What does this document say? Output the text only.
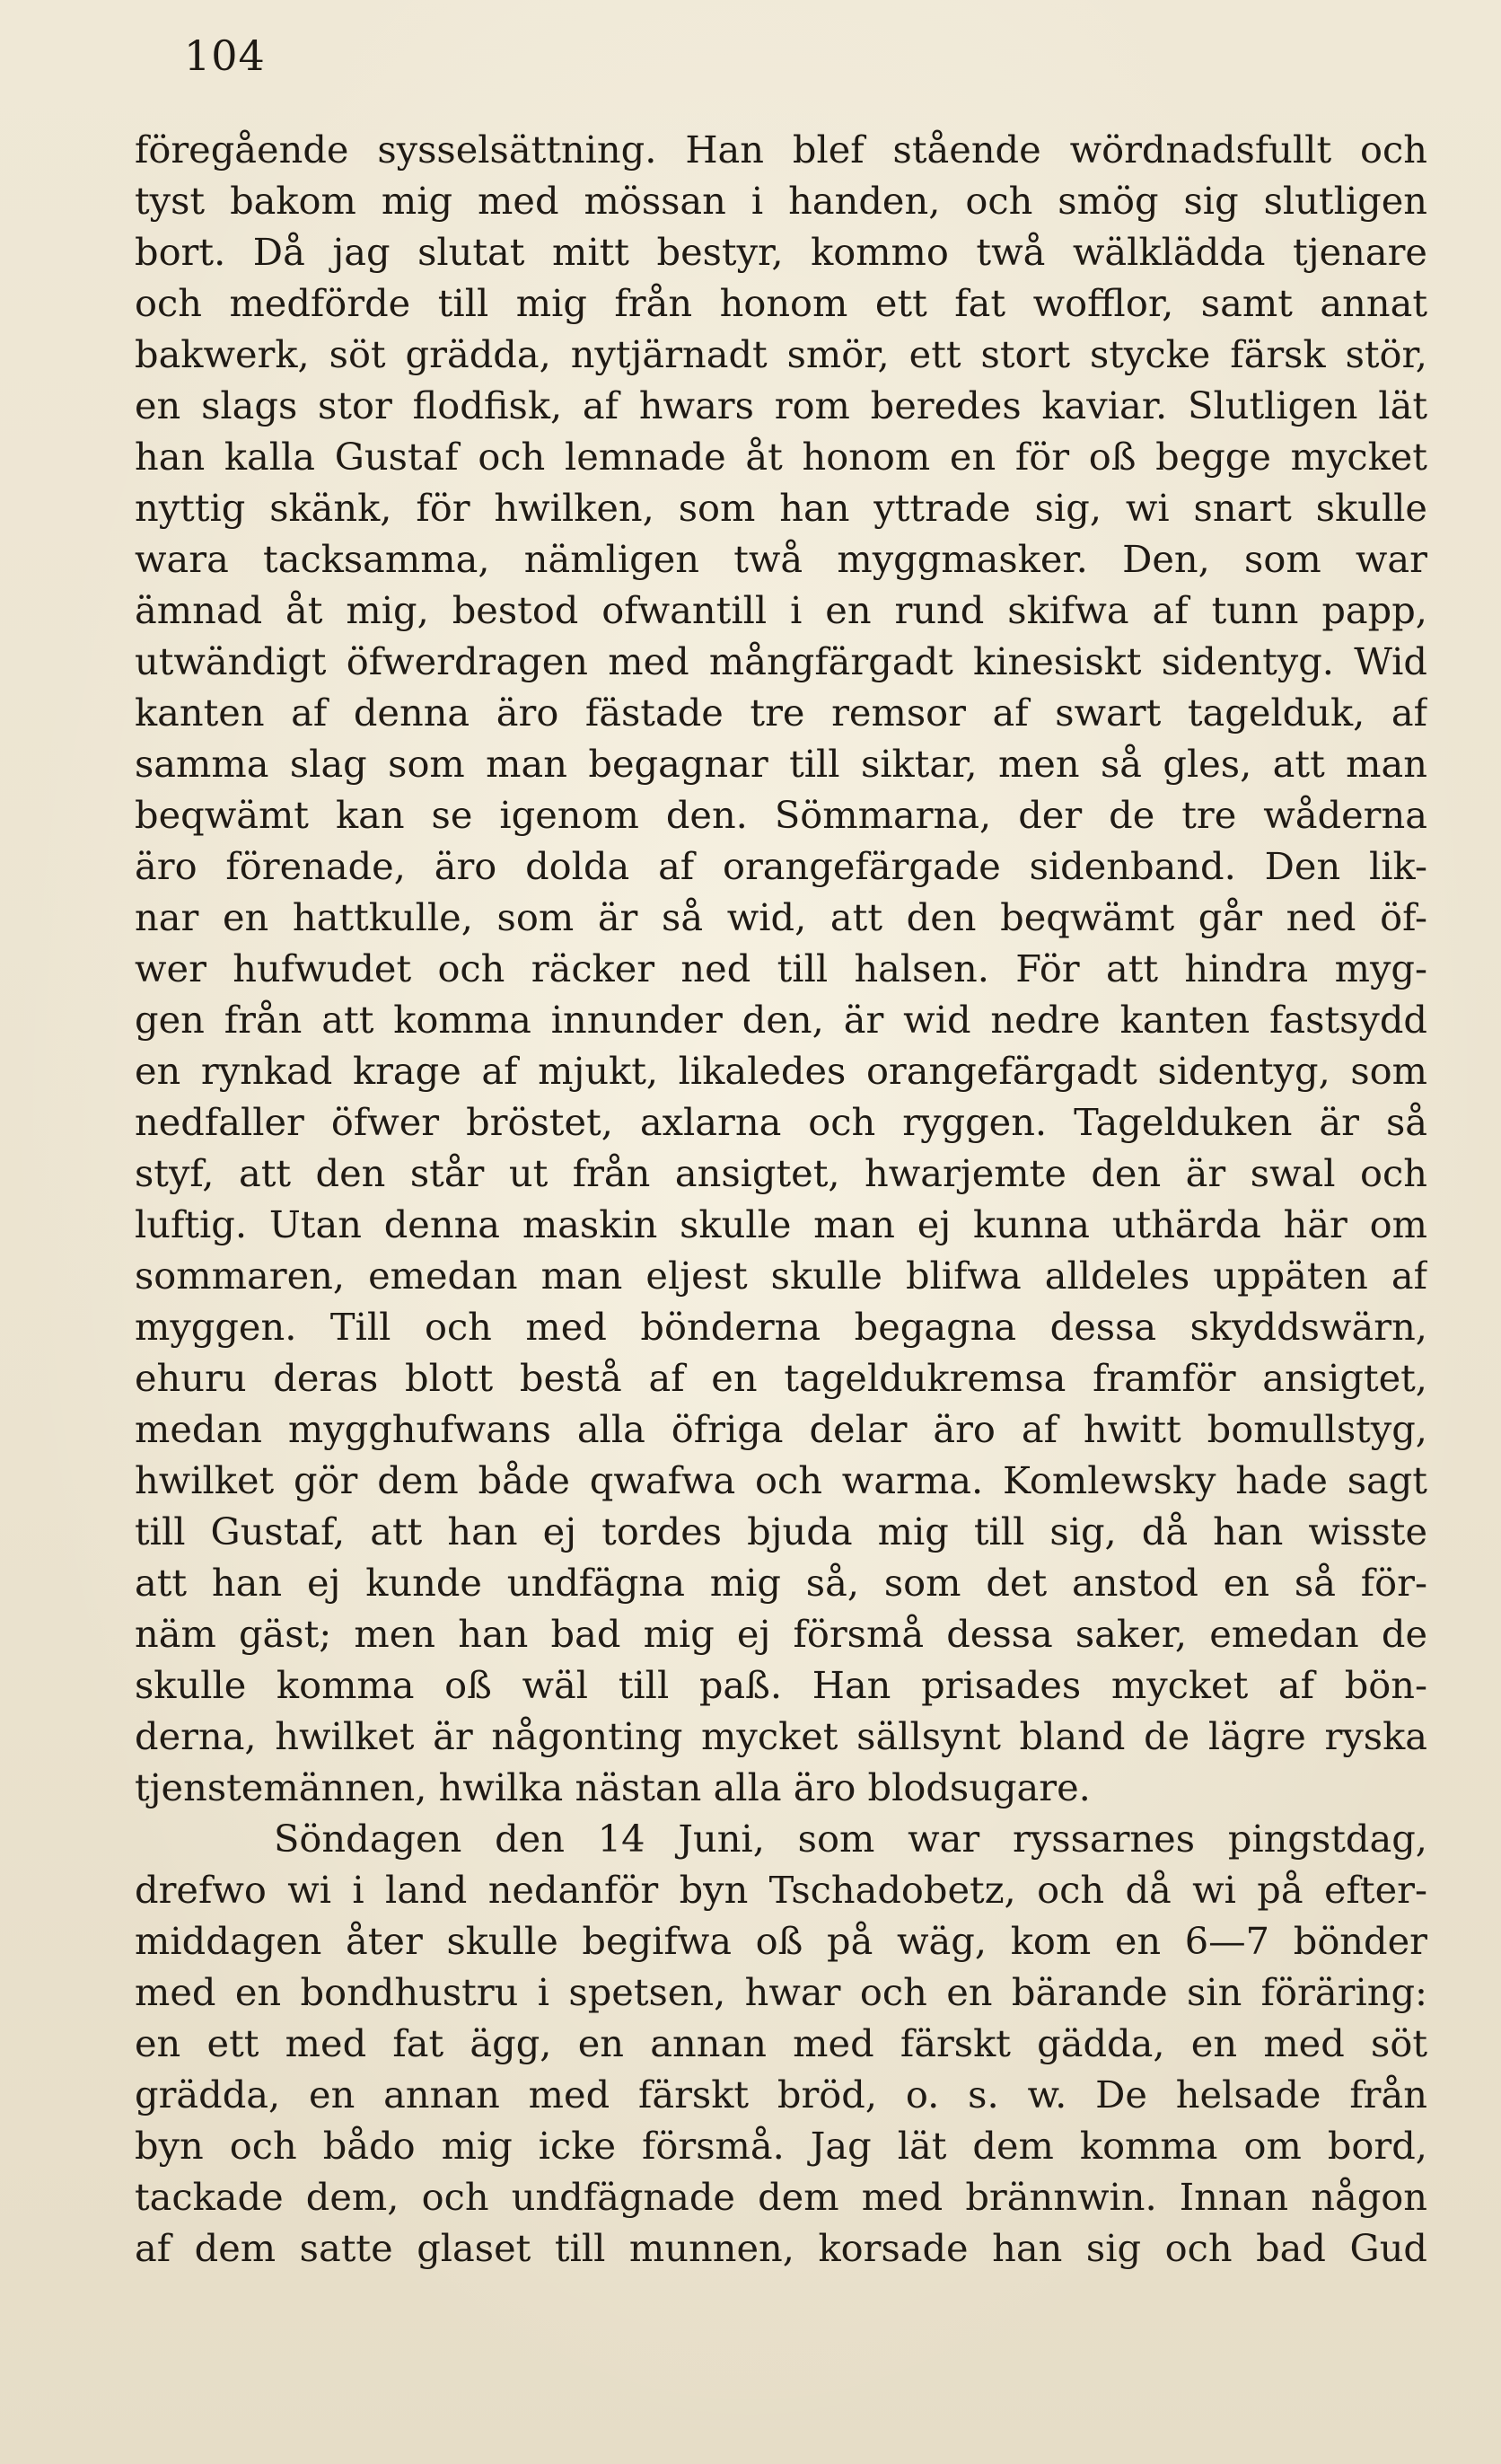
104
föregående sysselsättning. Han blef stående wördnadsfullt och
tyst bakom mig med mössan i handen, och smög sig slutligen
bort. Då jag slutat mitt bestyr, kommo twå wälklädda tjenare
och medförde till mig från honom ett fat wofflor, samt annat
bakwerk, söt grädda, nytjärnadt smör, ett stort stycke färsk stör,
en slags stor flodfisk, af hwars rom beredes kaviar. Slutligen lät
han kalla Gustaf och lemnade åt honom en för oß begge mycket
nyttig skänk, för hwilken, som han yttrade sig, wi snart skulle
wara tacksamma, nämligen twå myggmasker. Den, som war
ämnad åt mig, bestod ofwantill i en rund skifwa af tunn papp,
utwändigt öfwerdragen med mångfärgadt kinesiskt sidentyg. Wid
kanten af denna äro fästade tre remsor af swart tagelduk, af
samma slag som man begagnar till siktar, men så gles, att man
beqwämt kan se igenom den. Sömmarna, der de tre wåderna
äro förenade, äro dolda af orangefärgade sidenband. Den lik-
nar en hattkulle, som är så wid, att den beqwämt går ned öf-
wer hufwudet och räcker ned till halsen. För att hindra myg-
gen från att komma innunder den, är wid nedre kanten fastsydd
en rynkad krage af mjukt, likaledes orangefärgadt sidentyg, som
nedfaller öfwer bröstet, axlarna och ryggen. Tagelduken är så
styf, att den står ut från ansigtet, hwarjemte den är swal och
luftig. Utan denna maskin skulle man ej kunna uthärda här om
sommaren, emedan man eljest skulle blifwa alldeles uppäten af
myggen. Till och med bönderna begagna dessa skyddswärn,
ehuru deras blott bestå af en tageldukremsa framför ansigtet,
medan mygghufwans alla öfriga delar äro af hwitt bomullstyg,
hwilket gör dem både qwafwa och warma. Komlewsky hade sagt
till Gustaf, att han ej tordes bjuda mig till sig, då han wisste
att han ej kunde undfägna mig så, som det anstod en så för-
näm gäst; men han bad mig ej försmå dessa saker, emedan de
skulle komma oß wäl till paß. Han prisades mycket af bön-
derna, hwilket är någonting mycket sällsynt bland de lägre ryska
tjenstemännen, hwilka nästan alla äro blodsugare.
Söndagen den 14 Juni, som war ryssarnes pingstdag,
drefwo wi i land nedanför byn Tschadobetz, och då wi på efter-
middagen åter skulle begifwa oß på wäg, kom en 6—7 bönder
med en bondhustru i spetsen, hwar och en bärande sin föräring:
en ett med fat ägg, en annan med färskt gädda, en med söt
grädda, en annan med färskt bröd, o. s. w. De helsade från
byn och bådo mig icke försmå. Jag lät dem komma om bord,
tackade dem, och undfägnade dem med brännwin. Innan någon
af dem satte glaset till munnen, korsade han sig och bad Gud
